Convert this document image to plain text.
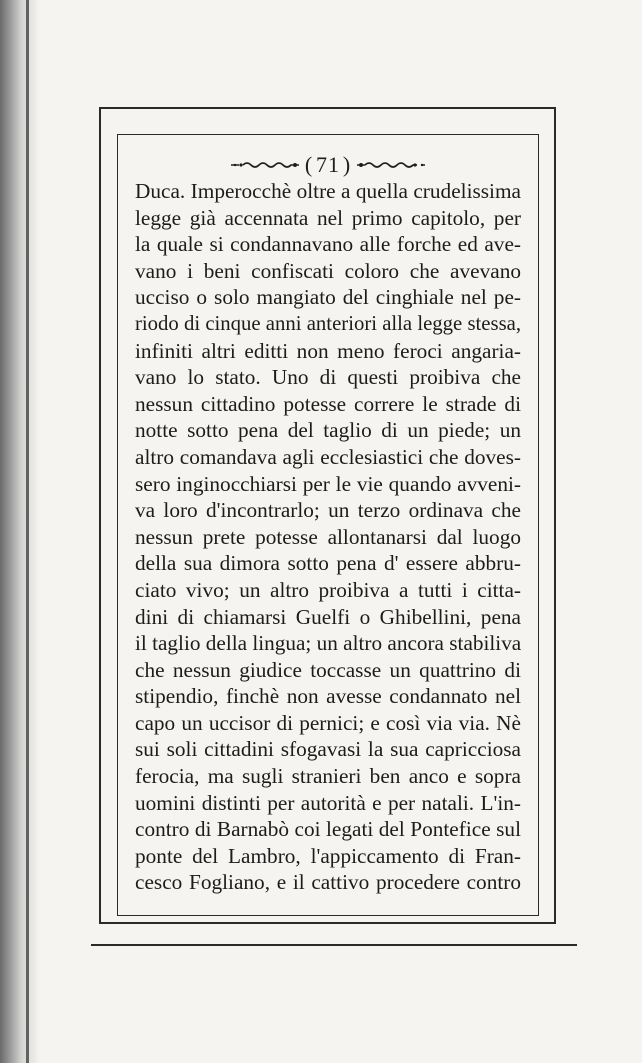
( 71 )
Duca. Imperocchè oltre a quella crudelissima
legge già accennata nel primo capitolo, per
la quale si condannavano alle forche ed ave-
vano i beni confiscati coloro che avevano
ucciso o solo mangiato del cinghiale nel pe-
riodo di cinque anni anteriori alla legge stessa,
infiniti altri editti non meno feroci angaria-
vano lo stato. Uno di questi proibiva che
nessun cittadino potesse correre le strade di
notte sotto pena del taglio di un piede; un
altro comandava agli ecclesiastici che doves-
sero inginocchiarsi per le vie quando avveni-
va loro d'incontrarlo; un terzo ordinava che
nessun prete potesse allontanarsi dal luogo
della sua dimora sotto pena d' essere abbru-
ciato vivo; un altro proibiva a tutti i citta-
dini di chiamarsi Guelfi o Ghibellini, pena
il taglio della lingua; un altro ancora stabiliva
che nessun giudice toccasse un quattrino di
stipendio, finchè non avesse condannato nel
capo un uccisor di pernici; e così via via. Nè
sui soli cittadini sfogavasi la sua capricciosa
ferocia, ma sugli stranieri ben anco e sopra
uomini distinti per autorità e per natali. L'in-
contro di Barnabò coi legati del Pontefice sul
ponte del Lambro, l'appiccamento di Fran-
cesco Fogliano, e il cattivo procedere contro
